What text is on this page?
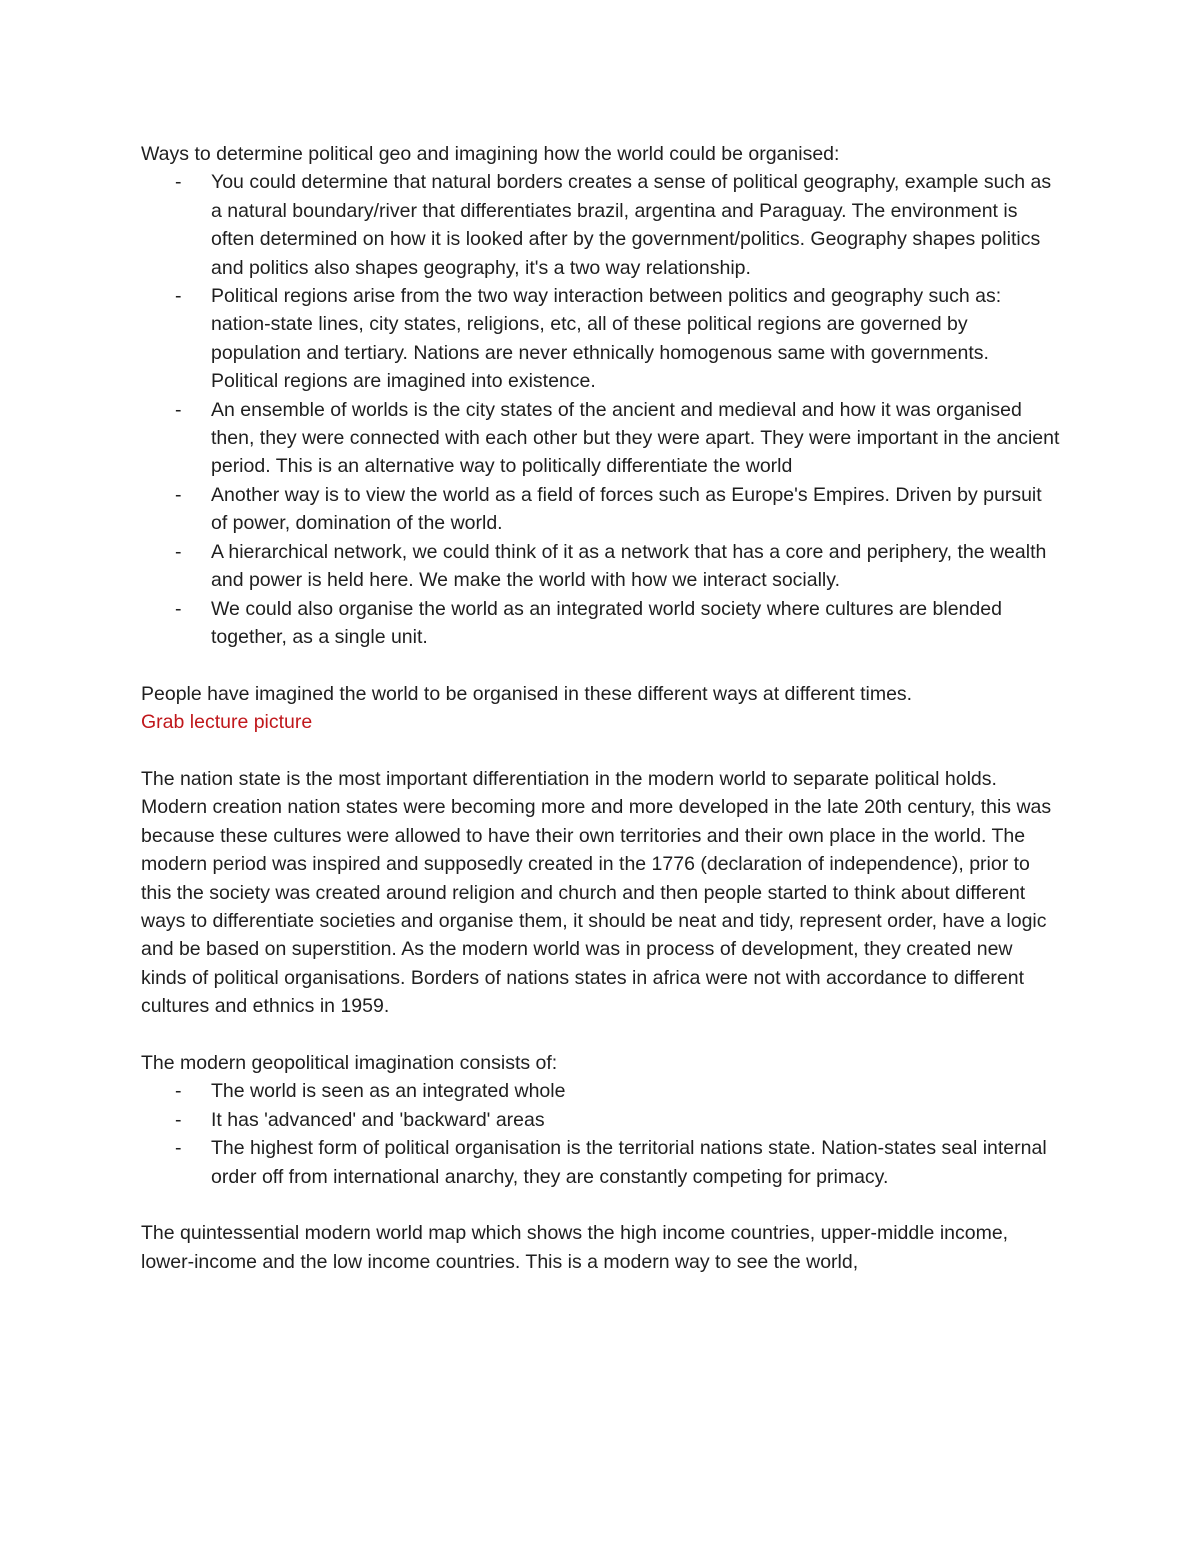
Ways to determine political geo and imagining how the world could be organised:

- You could determine that natural borders creates a sense of political geography, example such as a natural boundary/river that differentiates brazil, argentina and Paraguay. The environment is often determined on how it is looked after by the government/politics. Geography shapes politics and politics also shapes geography, it's a two way relationship.
- Political regions arise from the two way interaction between politics and geography such as: nation-state lines, city states, religions, etc, all of these political regions are governed by population and tertiary. Nations are never ethnically homogenous same with governments. Political regions are imagined into existence.
- An ensemble of worlds is the city states of the ancient and medieval and how it was organised then, they were connected with each other but they were apart. They were important in the ancient period. This is an alternative way to politically differentiate the world
- Another way is to view the world as a field of forces such as Europe's Empires. Driven by pursuit of power, domination of the world.
- A hierarchical network, we could think of it as a network that has a core and periphery, the wealth and power is held here. We make the world with how we interact socially.
- We could also organise the world as an integrated world society where cultures are blended together, as a single unit.

People have imagined the world to be organised in these different ways at different times.

Grab lecture picture

The nation state is the most important differentiation in the modern world to separate political holds. Modern creation nation states were becoming more and more developed in the late 20th century, this was because these cultures were allowed to have their own territories and their own place in the world. The modern period was inspired and supposedly created in the 1776 (declaration of independence), prior to this the society was created around religion and church and then people started to think about different ways to differentiate societies and organise them, it should be neat and tidy, represent order, have a logic and be based on superstition. As the modern world was in process of development, they created new kinds of political organisations. Borders of nations states in africa were not with accordance to different cultures and ethnics in 1959.

The modern geopolitical imagination consists of:

- The world is seen as an integrated whole
- It has 'advanced' and 'backward' areas
- The highest form of political organisation is the territorial nations state. Nation-states seal internal order off from international anarchy, they are constantly competing for primacy.

The quintessential modern world map which shows the high income countries, upper-middle income, lower-income and the low income countries. This is a modern way to see the world,
